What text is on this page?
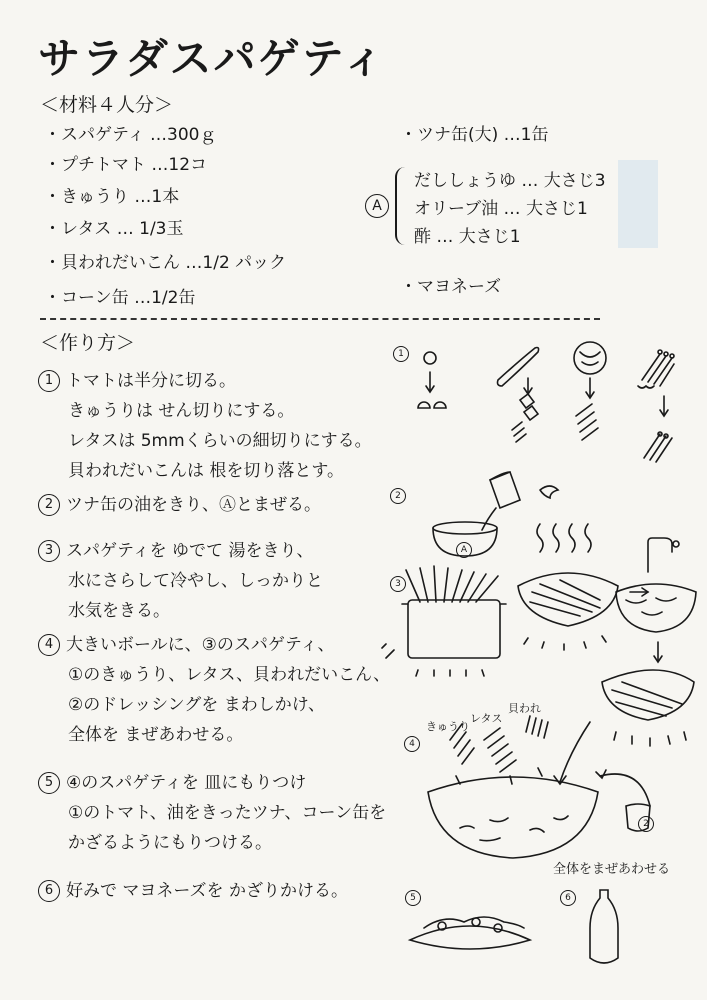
サラダスパゲティ
＜材料４人分＞
・スパゲティ …300ｇ
・プチトマト …12コ
・きゅうり …1本
・レタス … 1/3玉
・貝われだいこん …1/2 パック
・コーン缶 …1/2缶
・ツナ缶(大) …1缶
A
だししょうゆ … 大さじ3
オリーブ油 … 大さじ1
酢 … 大さじ1
・マヨネーズ
＜作り方＞
1 トマトは半分に切る。
きゅうりは せん切りにする。
レタスは 5mmくらいの細切りにする。
貝われだいこんは 根を切り落とす。
2 ツナ缶の油をきり、Ⓐとまぜる。
3 スパゲティを ゆでて 湯をきり、
水にさらして冷やし、しっかりと
水気をきる。
4 大きいボールに、③のスパゲティ、
①のきゅうり、レタス、貝われだいこん、
②のドレッシングを まわしかけ、
全体を まぜあわせる。
5 ④のスパゲティを 皿にもりつけ
①のトマト、油をきったツナ、コーン缶を
かざるようにもりつける。
6 好みで マヨネーズを かざりかける。
1
2
3
4
5	6
A
2
きゅうり
レタス
貝われ
全体をまぜあわせる
